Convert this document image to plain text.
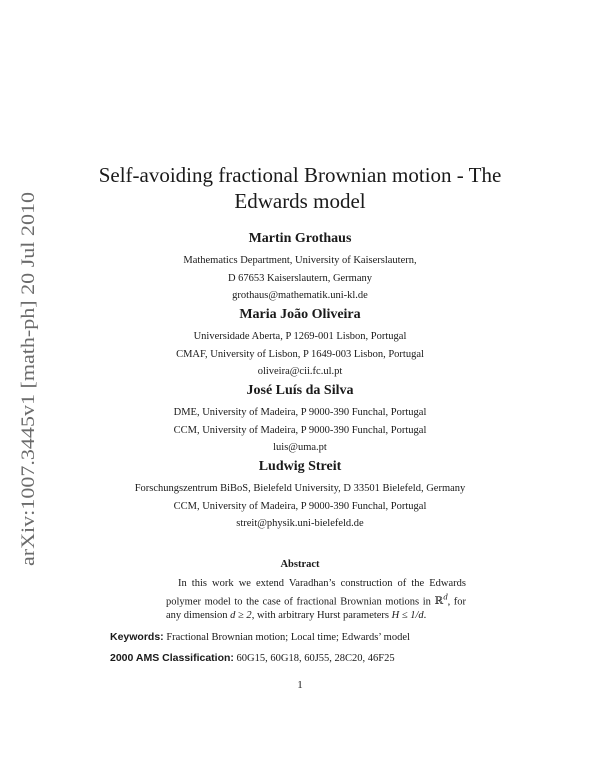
arXiv:1007.3445v1 [math-ph] 20 Jul 2010
Self-avoiding fractional Brownian motion - The
Edwards model

Martin Grothaus

Mathematics Department, University of Kaiserslautern,

D 67653 Kaiserslautern, Germany

grothaus@mathematik.uni-kl.de

Maria João Oliveira

Universidade Aberta, P 1269-001 Lisbon, Portugal

CMAF, University of Lisbon, P 1649-003 Lisbon, Portugal

oliveira@cii.fc.ul.pt

José Luís da Silva

DME, University of Madeira, P 9000-390 Funchal, Portugal

CCM, University of Madeira, P 9000-390 Funchal, Portugal

luis@uma.pt

Ludwig Streit

Forschungszentrum BiBoS, Bielefeld University, D 33501 Bielefeld, Germany

CCM, University of Madeira, P 9000-390 Funchal, Portugal

streit@physik.uni-bielefeld.de

Abstract

In this work we extend Varadhan’s construction of the Edwards polymer model to the case of fractional Brownian motions in ℝ$^d$, for any dimension d ≥ 2, with arbitrary Hurst parameters H ≤ 1/d.

Keywords: Fractional Brownian motion; Local time; Edwards’ model

2000 AMS Classification: 60G15, 60G18, 60J55, 28C20, 46F25

1
